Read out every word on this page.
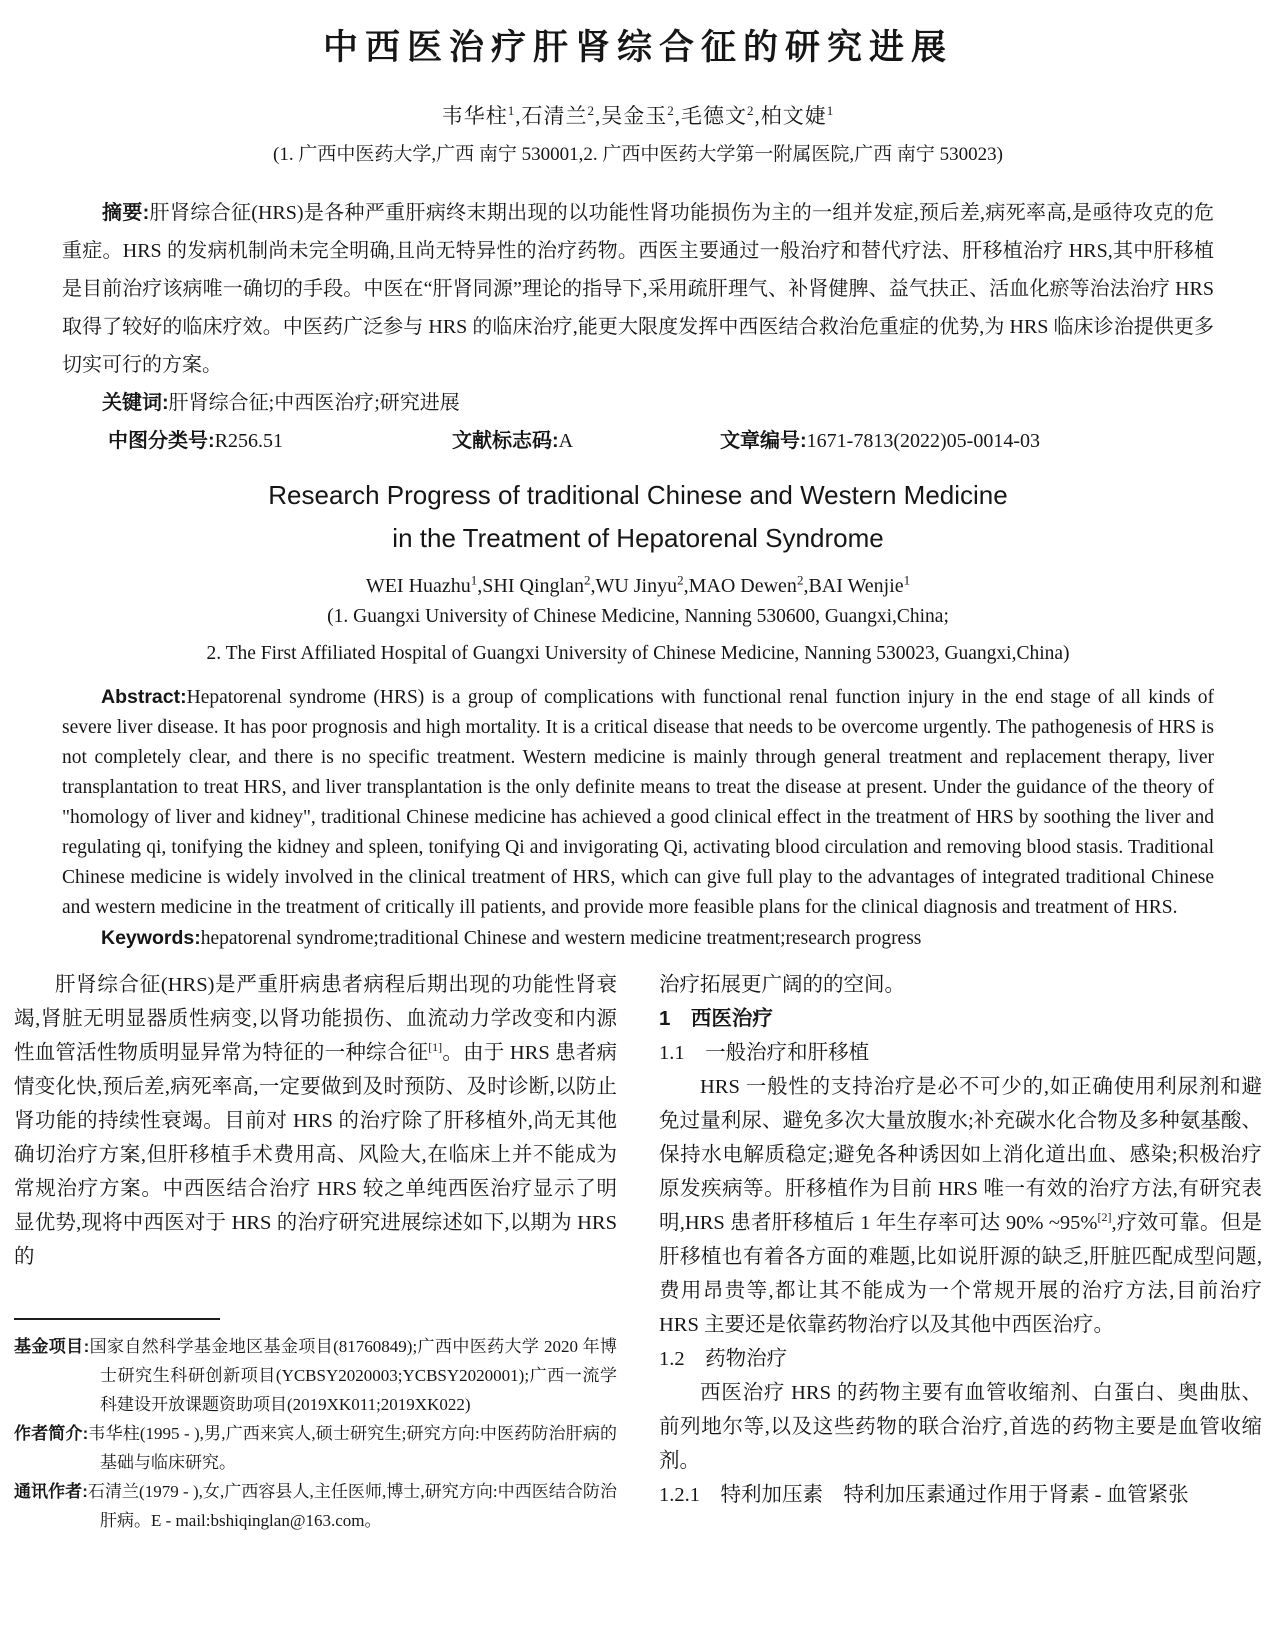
中西医治疗肝肾综合征的研究进展
韦华柱$^1$,石清兰$^2$,吴金玉$^2$,毛德文$^2$,柏文婕$^1$
(1. 广西中医药大学,广西 南宁 530001,2. 广西中医药大学第一附属医院,广西 南宁 530023)

摘要:肝肾综合征(HRS)是各种严重肝病终末期出现的以功能性肾功能损伤为主的一组并发症,预后差,病死率高,是亟待攻克的危重症。HRS 的发病机制尚未完全明确,且尚无特异性的治疗药物。西医主要通过一般治疗和替代疗法、肝移植治疗 HRS,其中肝移植是目前治疗该病唯一确切的手段。中医在“肝肾同源”理论的指导下,采用疏肝理气、补肾健脾、益气扶正、活血化瘀等治法治疗 HRS 取得了较好的临床疗效。中医药广泛参与 HRS 的临床治疗,能更大限度发挥中西医结合救治危重症的优势,为 HRS 临床诊治提供更多切实可行的方案。

关键词:肝肾综合征;中西医治疗;研究进展

中图分类号:R256.51	文献标志码:A	文章编号:1671-7813(2022)05-0014-03
Research Progress of traditional Chinese and Western Medicine
in the Treatment of Hepatorenal Syndrome
WEI Huazhu$^1$,SHI Qinglan$^2$,WU Jinyu$^2$,MAO Dewen$^2$,BAI Wenjie$^1$
(1. Guangxi University of Chinese Medicine, Nanning 530600, Guangxi,China;
2. The First Affiliated Hospital of Guangxi University of Chinese Medicine, Nanning 530023, Guangxi,China)

Abstract:Hepatorenal syndrome (HRS) is a group of complications with functional renal function injury in the end stage of all kinds of severe liver disease. It has poor prognosis and high mortality. It is a critical disease that needs to be overcome urgently. The pathogenesis of HRS is not completely clear, and there is no specific treatment. Western medicine is mainly through general treatment and replacement therapy, liver transplantation to treat HRS, and liver transplantation is the only definite means to treat the disease at present. Under the guidance of the theory of "homology of liver and kidney", traditional Chinese medicine has achieved a good clinical effect in the treatment of HRS by soothing the liver and regulating qi, tonifying the kidney and spleen, tonifying Qi and invigorating Qi, activating blood circulation and removing blood stasis. Traditional Chinese medicine is widely involved in the clinical treatment of HRS, which can give full play to the advantages of integrated traditional Chinese and western medicine in the treatment of critically ill patients, and provide more feasible plans for the clinical diagnosis and treatment of HRS.

Keywords:hepatorenal syndrome;traditional Chinese and western medicine treatment;research progress

肝肾综合征(HRS)是严重肝病患者病程后期出现的功能性肾衰竭,肾脏无明显器质性病变,以肾功能损伤、血流动力学改变和内源性血管活性物质明显异常为特征的一种综合征[1]。由于 HRS 患者病情变化快,预后差,病死率高,一定要做到及时预防、及时诊断,以防止肾功能的持续性衰竭。目前对 HRS 的治疗除了肝移植外,尚无其他确切治疗方案,但肝移植手术费用高、风险大,在临床上并不能成为常规治疗方案。中西医结合治疗 HRS 较之单纯西医治疗显示了明显优势,现将中西医对于 HRS 的治疗研究进展综述如下,以期为 HRS 的

基金项目:国家自然科学基金地区基金项目(81760849);广西中医药大学 2020 年博士研究生科研创新项目(YCBSY2020003;YCBSY2020001);广西一流学科建设开放课题资助项目(2019XK011;2019XK022)

作者简介:韦华柱(1995 - ),男,广西来宾人,硕士研究生;研究方向:中医药防治肝病的基础与临床研究。

通讯作者:石清兰(1979 - ),女,广西容县人,主任医师,博士,研究方向:中西医结合防治肝病。E - mail:bshiqinglan@163.com。

治疗拓展更广阔的的空间。

1　西医治疗

1.1　一般治疗和肝移植

HRS 一般性的支持治疗是必不可少的,如正确使用利尿剂和避免过量利尿、避免多次大量放腹水;补充碳水化合物及多种氨基酸、保持水电解质稳定;避免各种诱因如上消化道出血、感染;积极治疗原发疾病等。肝移植作为目前 HRS 唯一有效的治疗方法,有研究表明,HRS 患者肝移植后 1 年生存率可达 90% ~95%[2],疗效可靠。但是肝移植也有着各方面的难题,比如说肝源的缺乏,肝脏匹配成型问题,费用昂贵等,都让其不能成为一个常规开展的治疗方法,目前治疗 HRS 主要还是依靠药物治疗以及其他中西医治疗。

1.2　药物治疗

西医治疗 HRS 的药物主要有血管收缩剂、白蛋白、奥曲肽、前列地尔等,以及这些药物的联合治疗,首选的药物主要是血管收缩剂。

1.2.1　特利加压素 特利加压素通过作用于肾素 - 血管紧张
